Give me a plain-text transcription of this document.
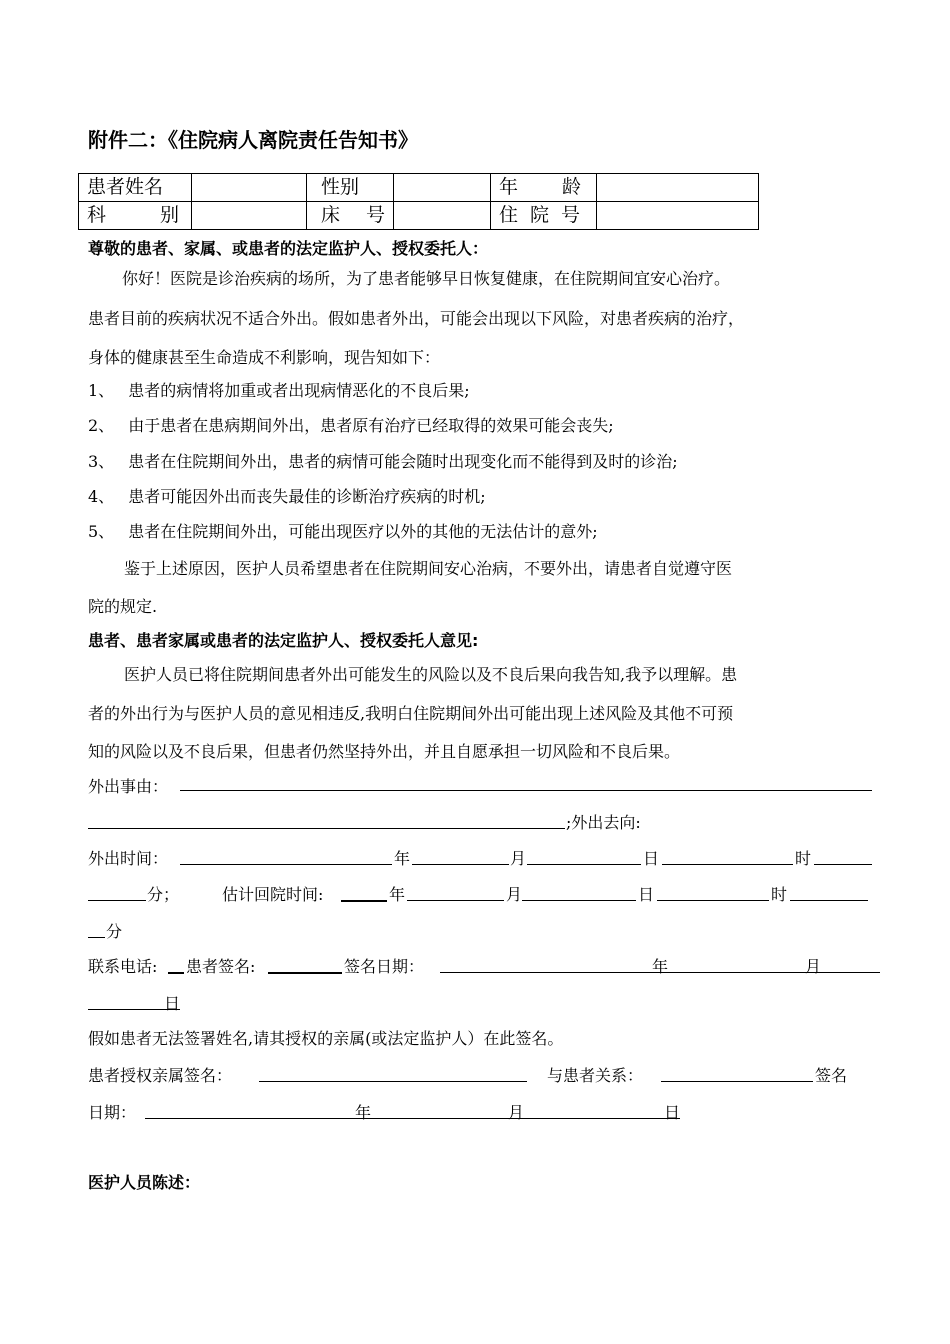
附件二：《住院病人离院责任告知书》
患者姓名		性别		年龄	
科别		床号		住院号	
尊敬的患者、家属、或患者的法定监护人、授权委托人：
你好！医院是诊治疾病的场所，为了患者能够早日恢复健康，在住院期间宜安心治疗。
患者目前的疾病状况不适合外出。假如患者外出，可能会出现以下风险，对患者疾病的治疗，
身体的健康甚至生命造成不利影响，现告知如下：
1、 患者的病情将加重或者出现病情恶化的不良后果;
2、 由于患者在患病期间外出，患者原有治疗已经取得的效果可能会丧失;
3、 患者在住院期间外出，患者的病情可能会随时出现变化而不能得到及时的诊治;
4、 患者可能因外出而丧失最佳的诊断治疗疾病的时机;
5、 患者在住院期间外出，可能出现医疗以外的其他的无法估计的意外;
鉴于上述原因，医护人员希望患者在住院期间安心治病，不要外出，请患者自觉遵守医
院的规定.
患者、患者家属或患者的法定监护人、授权委托人意见:
医护人员已将住院期间患者外出可能发生的风险以及不良后果向我告知,我予以理解。患
者的外出行为与医护人员的意见相违反,我明白住院期间外出可能出现上述风险及其他不可预
知的风险以及不良后果，但患者仍然坚持外出，并且自愿承担一切风险和不良后果。
外出事由：
;外出去向:
外出时间：	年	月	日	时
分；	估计回院时间:	年	月	日	时
分
联系电话: 患者签名:	签名日期：	年	月
日
假如患者无法签署姓名,请其授权的亲属(或法定监护人）在此签名。
患者授权亲属签名：	与患者关系：	签名
日期：	年	月	日
医护人员陈述：
